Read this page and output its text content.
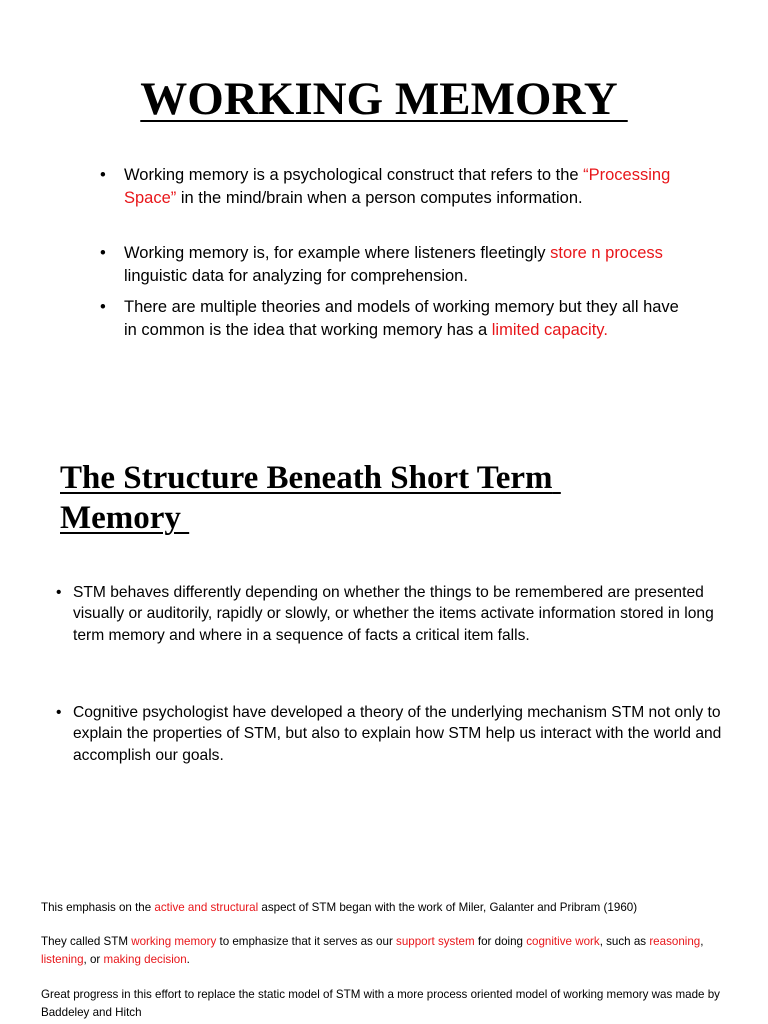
WORKING MEMORY

• Working memory is a psychological construct that refers to the “Processing Space” in the mind/brain when a person computes information.

• Working memory is, for example where listeners fleetingly store n process linguistic data for analyzing for comprehension.

• There are multiple theories and models of working memory but they all have in common is the idea that working memory has a limited capacity.

The Structure Beneath Short Term Memory

• STM behaves differently depending on whether the things to be remembered are presented visually or auditorily, rapidly or slowly, or whether the items activate information stored in long term memory and where in a sequence of facts a critical item falls.

• Cognitive psychologist have developed a theory of the underlying mechanism STM not only to explain the properties of STM, but also to explain how STM help us interact with the world and accomplish our goals.

This emphasis on the active and structural aspect of STM began with the work of Miler, Galanter and Pribram (1960)

They called STM working memory to emphasize that it serves as our support system for doing cognitive work, such as reasoning, listening, or making decision.

Great progress in this effort to replace the static model of STM with a more process oriented model of working memory was made by Baddeley and Hitch
